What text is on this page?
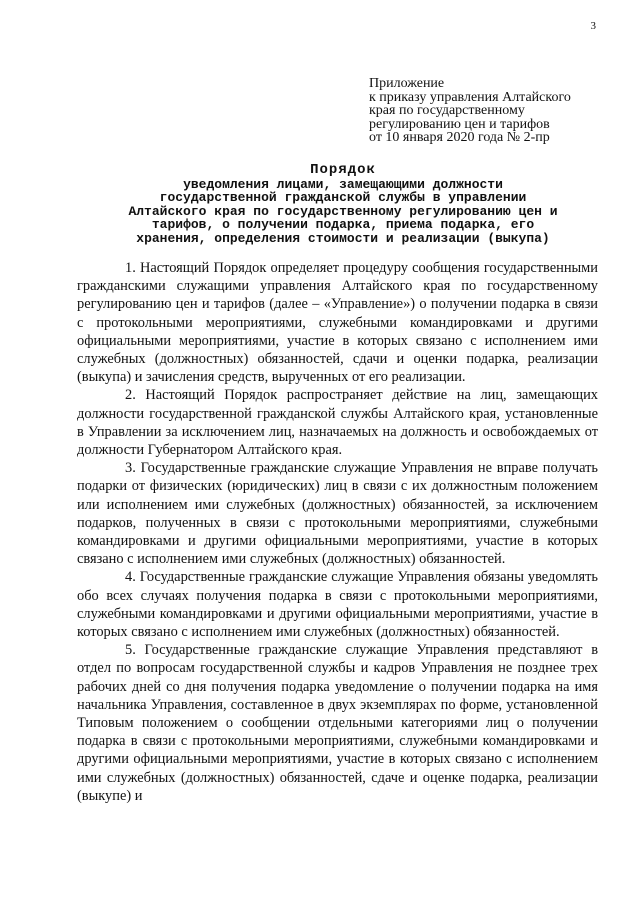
3
Приложение
к приказу управления Алтайского
края по государственному
регулированию цен и тарифов
от 10 января 2020 года № 2-пр
Порядок
уведомления лицами, замещающими должности
государственной гражданской службы в управлении
Алтайского края по государственному регулированию цен и
тарифов, о получении подарка, приема подарка, его
хранения, определения стоимости и реализации (выкупа)

1. Настоящий Порядок определяет процедуру сообщения государственными гражданскими служащими управления Алтайского края по государственному регулированию цен и тарифов (далее – «Управление») о получении подарка в связи с протокольными мероприятиями, служебными командировками и другими официальными мероприятиями, участие в которых связано с исполнением ими служебных (должностных) обязанностей, сдачи и оценки подарка, реализации (выкупа) и зачисления средств, вырученных от его реализации.

2. Настоящий Порядок распространяет действие на лиц, замещающих должности государственной гражданской службы Алтайского края, установленные в Управлении за исключением лиц, назначаемых на должность и освобождаемых от должности Губернатором Алтайского края.

3. Государственные гражданские служащие Управления не вправе получать подарки от физических (юридических) лиц в связи с их должностным положением или исполнением ими служебных (должностных) обязанностей, за исключением подарков, полученных в связи с протокольными мероприятиями, служебными командировками и другими официальными мероприятиями, участие в которых связано с исполнением ими служебных (должностных) обязанностей.

4. Государственные гражданские служащие Управления обязаны уведомлять обо всех случаях получения подарка в связи с протокольными мероприятиями, служебными командировками и другими официальными мероприятиями, участие в которых связано с исполнением ими служебных (должностных) обязанностей.

5. Государственные гражданские служащие Управления представляют в отдел по вопросам государственной службы и кадров Управления не позднее трех рабочих дней со дня получения подарка уведомление о получении подарка на имя начальника Управления, составленное в двух экземплярах по форме, установленной Типовым положением о сообщении отдельными категориями лиц о получении подарка в связи с протокольными мероприятиями, служебными командировками и другими официальными мероприятиями, участие в которых связано с исполнением ими служебных (должностных) обязанностей, сдаче и оценке подарка, реализации (выкупе) и
